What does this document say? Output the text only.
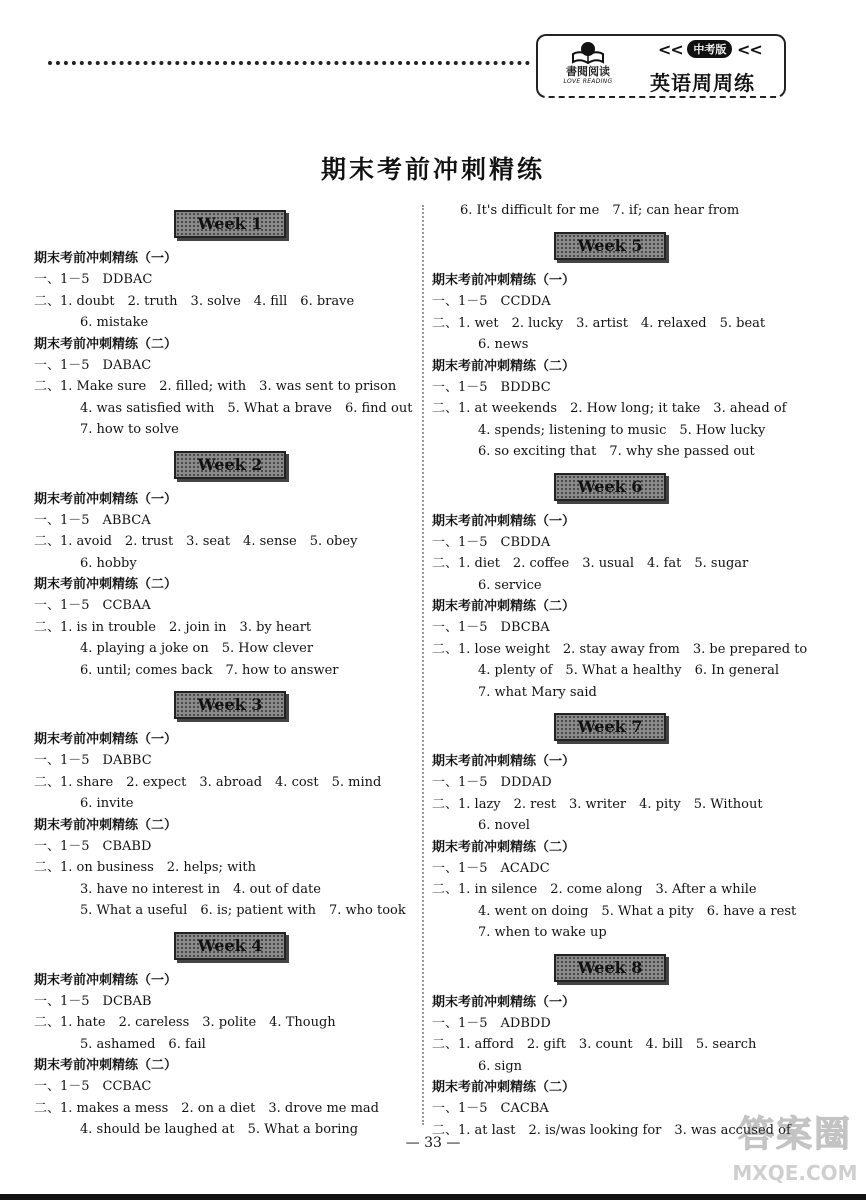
書閱阅读
LOVE READING
<< 中考版 <<
英语周周练
期末考前冲刺精练
Week 1
期末考前冲刺精练（一）
一、1－5　DDBAC
二、1. doubt　2. truth　3. solve　4. fill　6. brave
6. mistake
期末考前冲刺精练（二）
一、1－5　DABAC
二、1. Make sure　2. filled; with　3. was sent to prison
4. was satisfied with　5. What a brave　6. find out
7. how to solve
Week 2
期末考前冲刺精练（一）
一、1－5　ABBCA
二、1. avoid　2. trust　3. seat　4. sense　5. obey
6. hobby
期末考前冲刺精练（二）
一、1－5　CCBAA
二、1. is in trouble　2. join in　3. by heart
4. playing a joke on　5. How clever
6. until; comes back　7. how to answer
Week 3
期末考前冲刺精练（一）
一、1－5　DABBC
二、1. share　2. expect　3. abroad　4. cost　5. mind
6. invite
期末考前冲刺精练（二）
一、1－5　CBABD
二、1. on business　2. helps; with
3. have no interest in　4. out of date
5. What a useful　6. is; patient with　7. who took
Week 4
期末考前冲刺精练（一）
一、1－5　DCBAB
二、1. hate　2. careless　3. polite　4. Though
5. ashamed　6. fail
期末考前冲刺精练（二）
一、1－5　CCBAC
二、1. makes a mess　2. on a diet　3. drove me mad
4. should be laughed at　5. What a boring
6. It's difficult for me　7. if; can hear from
Week 5
期末考前冲刺精练（一）
一、1－5　CCDDA
二、1. wet　2. lucky　3. artist　4. relaxed　5. beat
6. news
期末考前冲刺精练（二）
一、1－5　BDDBC
二、1. at weekends　2. How long; it take　3. ahead of
4. spends; listening to music　5. How lucky
6. so exciting that　7. why she passed out
Week 6
期末考前冲刺精练（一）
一、1－5　CBDDA
二、1. diet　2. coffee　3. usual　4. fat　5. sugar
6. service
期末考前冲刺精练（二）
一、1－5　DBCBA
二、1. lose weight　2. stay away from　3. be prepared to
4. plenty of　5. What a healthy　6. In general
7. what Mary said
Week 7
期末考前冲刺精练（一）
一、1－5　DDDAD
二、1. lazy　2. rest　3. writer　4. pity　5. Without
6. novel
期末考前冲刺精练（二）
一、1－5　ACADC
二、1. in silence　2. come along　3. After a while
4. went on doing　5. What a pity　6. have a rest
7. when to wake up
Week 8
期末考前冲刺精练（一）
一、1－5　ADBDD
二、1. afford　2. gift　3. count　4. bill　5. search
6. sign
期末考前冲刺精练（二）
一、1－5　CACBA
二、1. at last　2. is/was looking for　3. was accused of
— 33 —	答案圈
MXQE.COM
